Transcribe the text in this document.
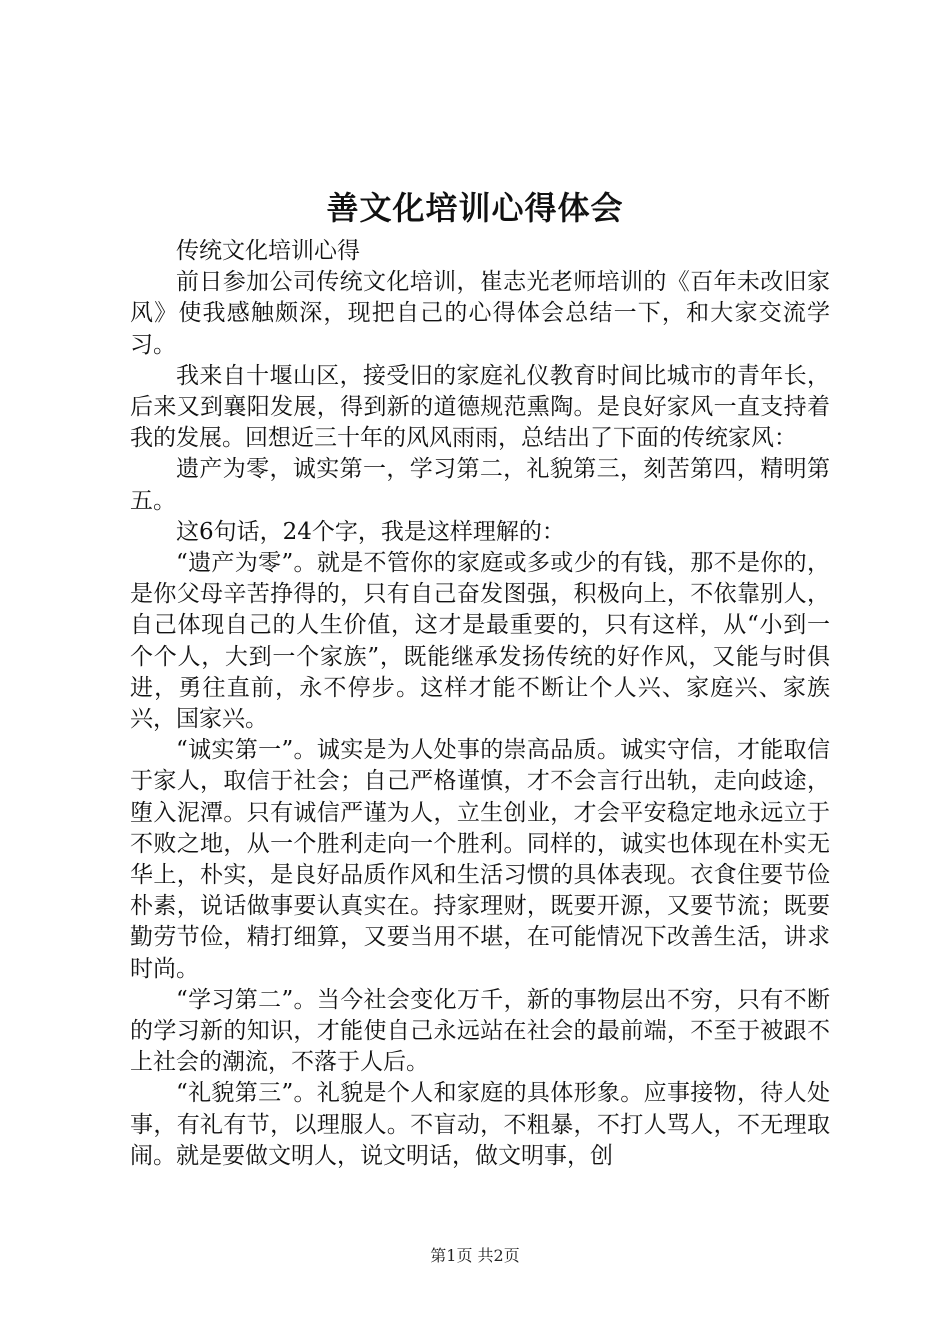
善文化培训心得体会

传统文化培训心得

前日参加公司传统文化培训，崔志光老师培训的《百年未改旧家风》使我感触颇深，现把自己的心得体会总结一下，和大家交流学习。

我来自十堰山区，接受旧的家庭礼仪教育时间比城市的青年长，后来又到襄阳发展，得到新的道德规范熏陶。是良好家风一直支持着我的发展。回想近三十年的风风雨雨，总结出了下面的传统家风：

遗产为零，诚实第一，学习第二，礼貌第三，刻苦第四，精明第五。

这6句话，24个字，我是这样理解的：

“遗产为零”。就是不管你的家庭或多或少的有钱，那不是你的，是你父母辛苦挣得的，只有自己奋发图强，积极向上，不依靠别人，自己体现自己的人生价值，这才是最重要的，只有这样，从“小到一个个人，大到一个家族”，既能继承发扬传统的好作风，又能与时俱进，勇往直前，永不停步。这样才能不断让个人兴、家庭兴、家族兴，国家兴。

“诚实第一”。诚实是为人处事的崇高品质。诚实守信，才能取信于家人，取信于社会；自己严格谨慎，才不会言行出轨，走向歧途，堕入泥潭。只有诚信严谨为人，立生创业，才会平安稳定地永远立于不败之地，从一个胜利走向一个胜利。同样的，诚实也体现在朴实无华上，朴实，是良好品质作风和生活习惯的具体表现。衣食住要节俭朴素，说话做事要认真实在。持家理财，既要开源，又要节流；既要勤劳节俭，精打细算，又要当用不堪，在可能情况下改善生活，讲求时尚。

“学习第二”。当今社会变化万千，新的事物层出不穷，只有不断的学习新的知识，才能使自己永远站在社会的最前端，不至于被跟不上社会的潮流，不落于人后。

“礼貌第三”。礼貌是个人和家庭的具体形象。应事接物，待人处事，有礼有节，以理服人。不盲动，不粗暴，不打人骂人，不无理取闹。就是要做文明人，说文明话，做文明事，创

第1页 共2页
